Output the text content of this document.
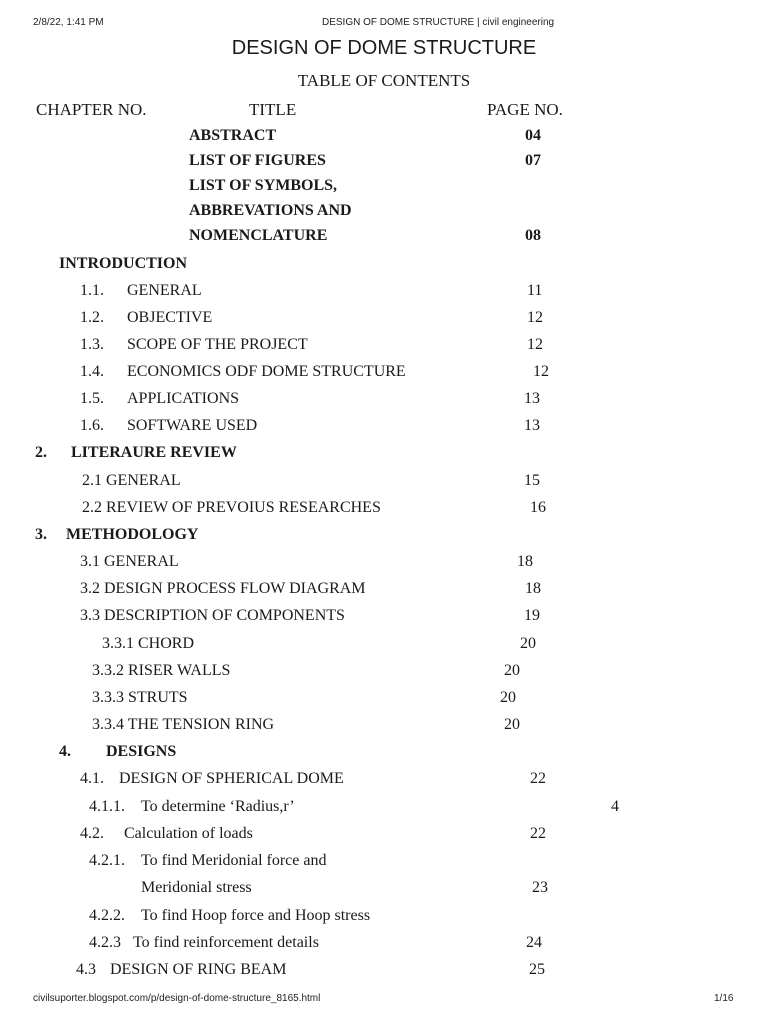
2/8/22, 1:41 PM	DESIGN OF DOME STRUCTURE | civil engineering
DESIGN OF DOME STRUCTURE
TABLE OF CONTENTS
CHAPTER NO.	TITLE	PAGE NO.
ABSTRACT	04
LIST OF FIGURES	07
LIST OF SYMBOLS,
ABBREVATIONS AND
NOMENCLATURE	08
INTRODUCTION
1.1. GENERAL	11
1.2. OBJECTIVE	12
1.3. SCOPE OF THE PROJECT	12
1.4. ECONOMICS ODF DOME STRUCTURE	12
1.5. APPLICATIONS	13
1.6. SOFTWARE USED	13
2. LITERAURE REVIEW
2.1 GENERAL	15
2.2 REVIEW OF PREVOIUS RESEARCHES	16
3. METHODOLOGY
3.1 GENERAL	18
3.2 DESIGN PROCESS FLOW DIAGRAM	18
3.3 DESCRIPTION OF COMPONENTS	19
3.3.1 CHORD	20
3.3.2 RISER WALLS	20
3.3.3 STRUTS	20
3.3.4 THE TENSION RING	20
4. DESIGNS
4.1. DESIGN OF SPHERICAL DOME	22
4.1.1. To determine ‘Radius,r’	4
4.2. Calculation of loads	22
4.2.1. To find Meridonial force and
Meridonial stress	23
4.2.2. To find Hoop force and Hoop stress
4.2.3 To find reinforcement details	24
4.3 DESIGN OF RING BEAM	25
civilsuporter.blogspot.com/p/design-of-dome-structure_8165.html	1/16
